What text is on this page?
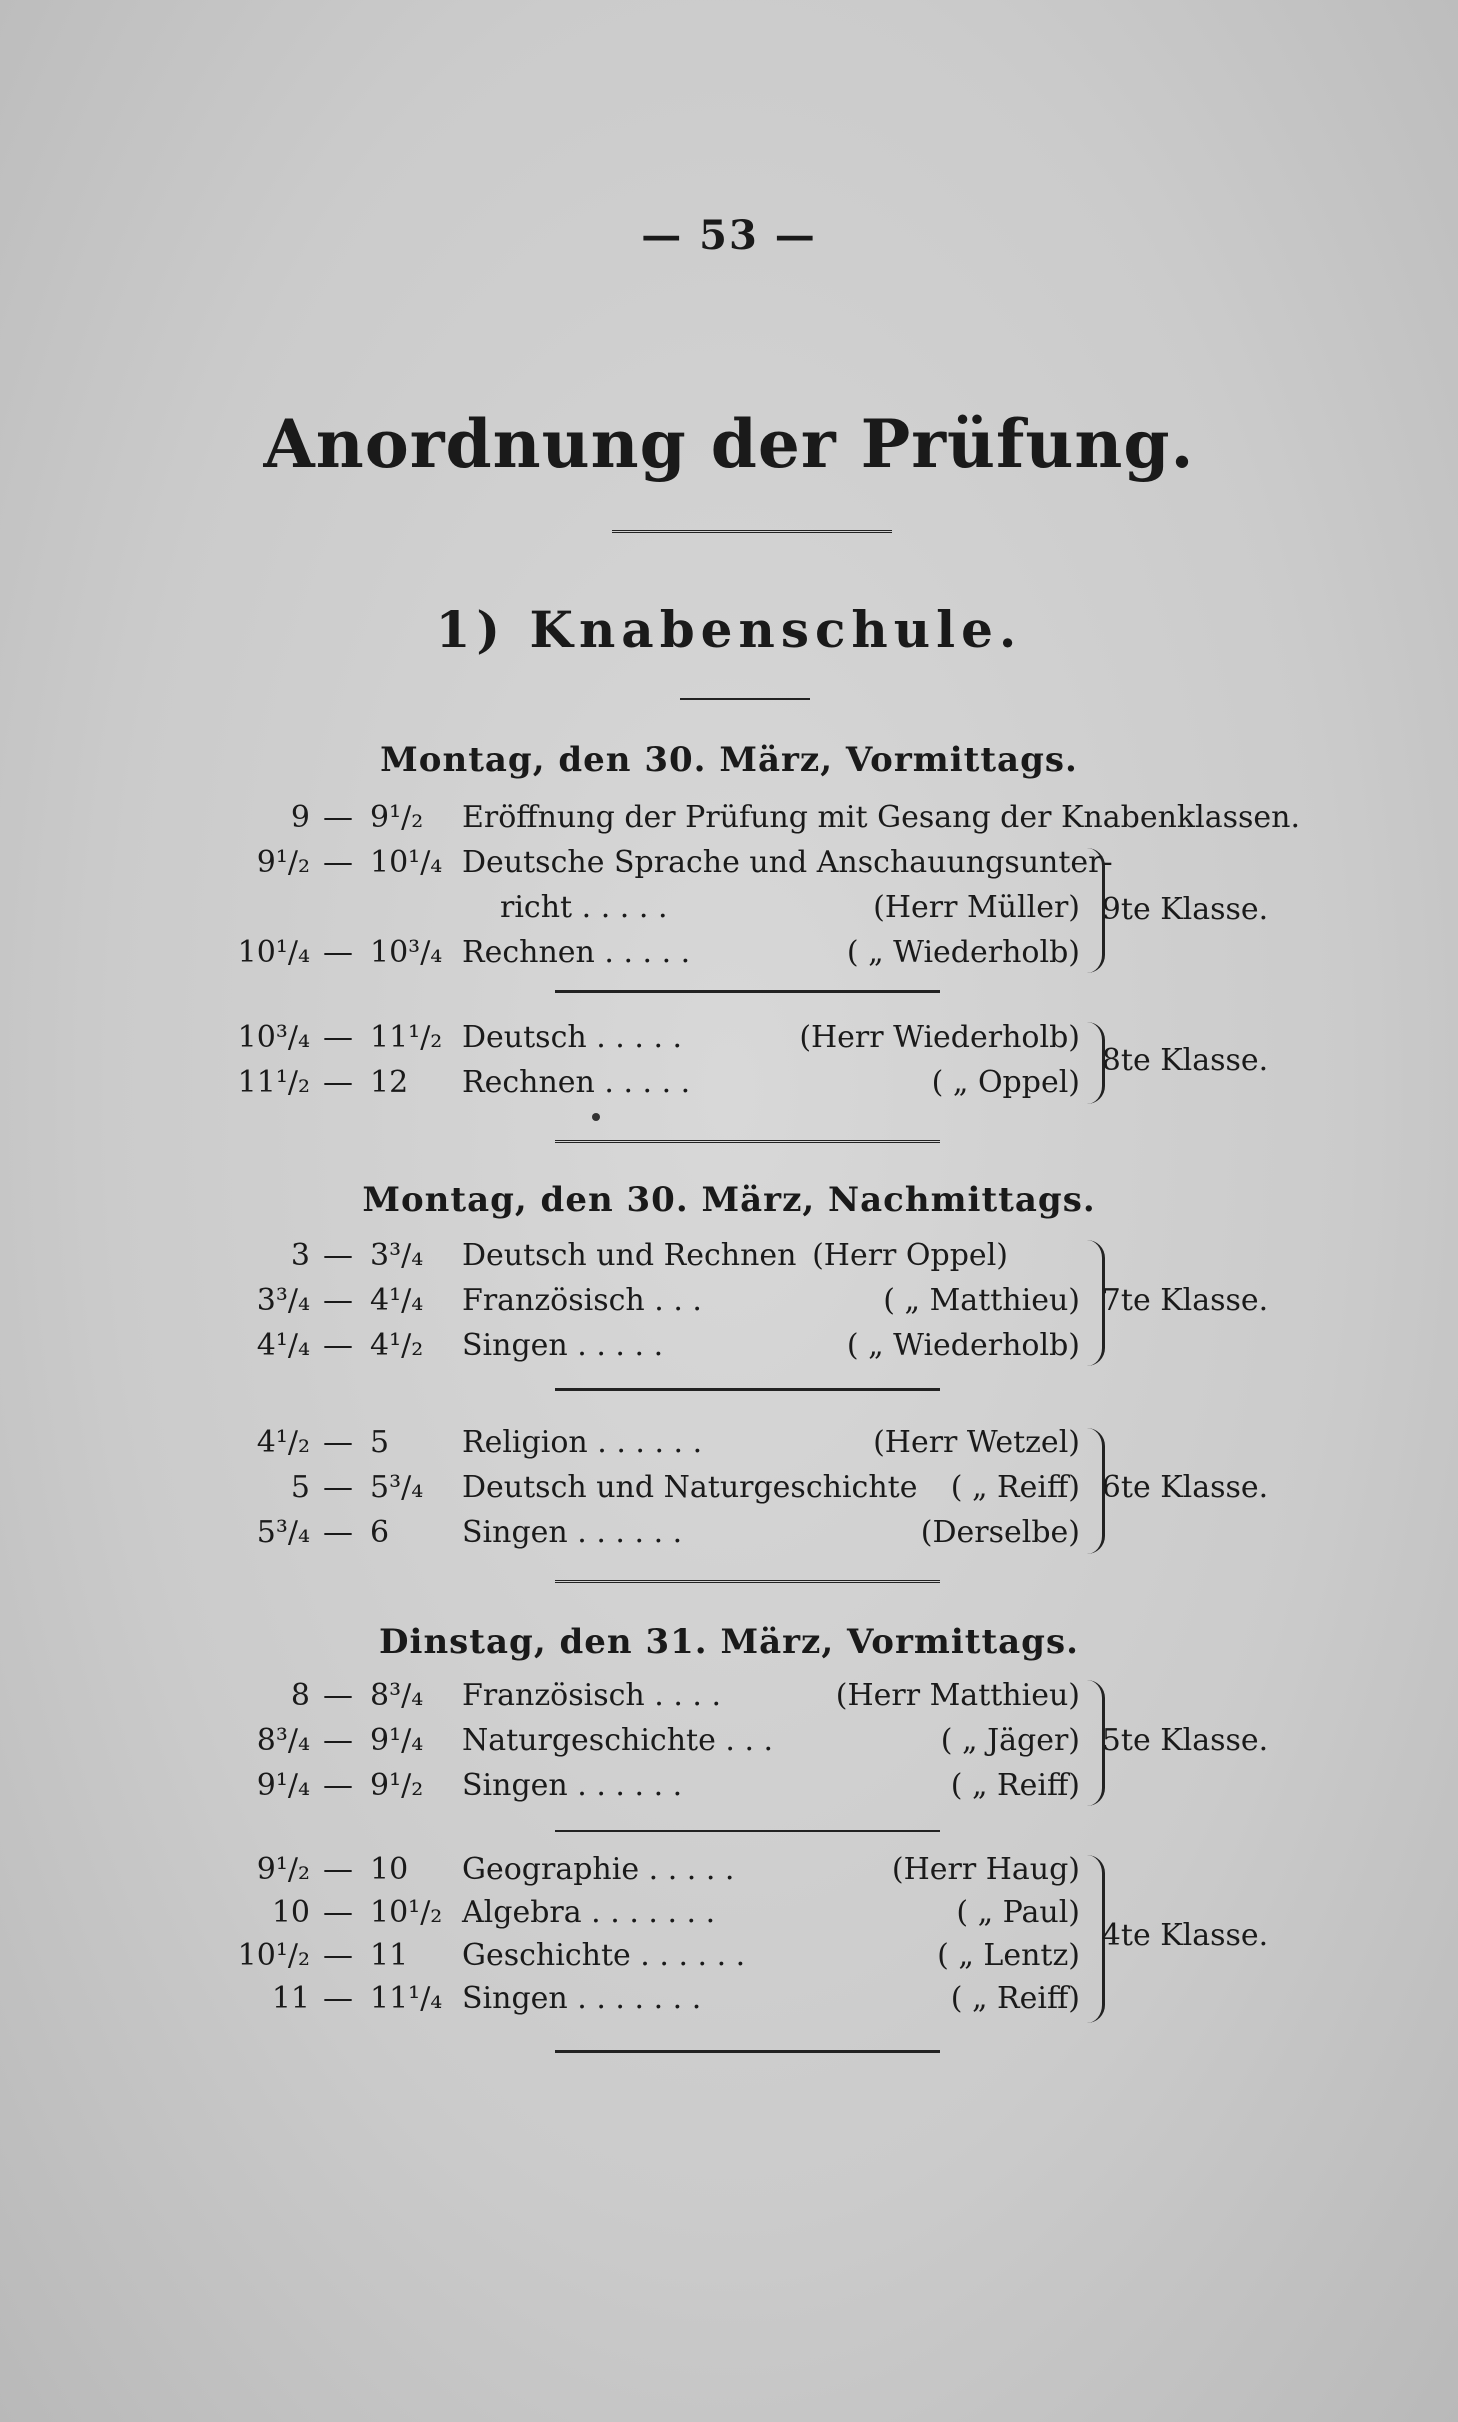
— 53 —
Anordnung der Prüfung.
1) Knabenschule.
Montag, den 30. März, Vormittags.
9 — 9¹/₂	Eröffnung der Prüfung mit Gesang der Knabenklassen.
9¹/₂ — 10¹/₄ Deutsche Sprache und Anschauungsunter-
richt . . . . .	(Herr Müller)
10¹/₄ — 10³/₄ Rechnen . . . . .	( „ Wiederholb)
9te Klasse.
10³/₄ — 11¹/₂ Deutsch . . . . .	(Herr Wiederholb)
11¹/₂ — 12	Rechnen . . . . .	( „ Oppel)
8te Klasse.
Montag, den 30. März, Nachmittags.
3 — 3³/₄	Deutsch und Rechnen (Herr Oppel)
3³/₄ — 4¹/₄	Französisch . . .	( „ Matthieu)
4¹/₄ — 4¹/₂	Singen . . . . .	( „ Wiederholb)
7te Klasse.
4¹/₂ — 5	Religion . . . . . .	(Herr Wetzel)
5 — 5³/₄	Deutsch und Naturgeschichte ( „ Reiff)
5³/₄ — 6	Singen . . . . . .	(Derselbe)
6te Klasse.
Dinstag, den 31. März, Vormittags.
8 — 8³/₄	Französisch . . . .	(Herr Matthieu)
8³/₄ — 9¹/₄	Naturgeschichte . . .	( „ Jäger)
9¹/₄ — 9¹/₂	Singen . . . . . .	( „ Reiff)
5te Klasse.
9¹/₂ — 10	Geographie . . . . .	(Herr Haug)
10 — 10¹/₂ Algebra . . . . . . .	( „ Paul)
10¹/₂ — 11	Geschichte . . . . . .	( „ Lentz)
11 — 11¹/₄ Singen . . . . . . .	( „ Reiff)
4te Klasse.
